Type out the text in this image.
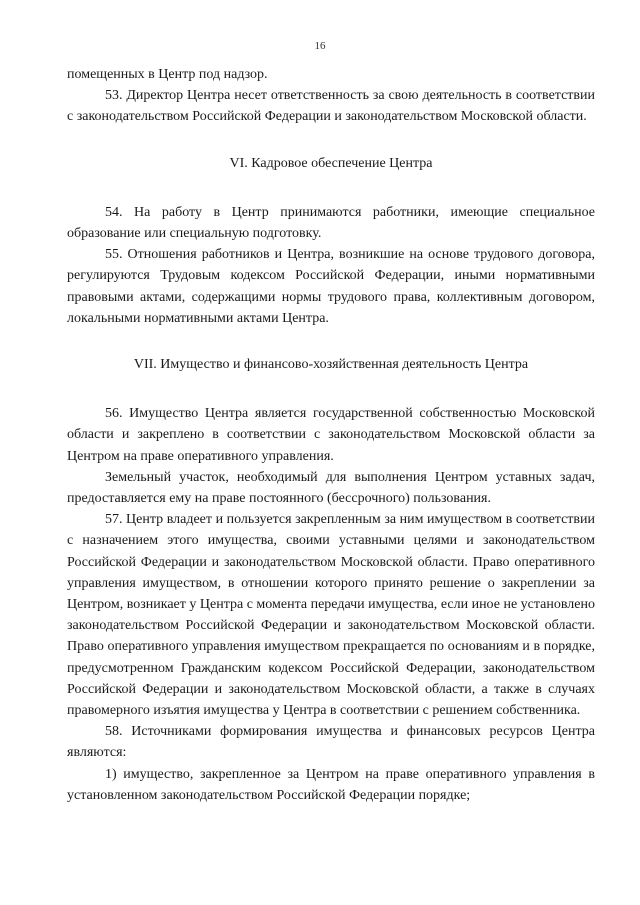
16

помещенных в Центр под надзор.

53. Директор Центра несет ответственность за свою деятельность в соответствии с законодательством Российской Федерации и законодательством Московской области.

VI. Кадровое обеспечение Центра

54. На работу в Центр принимаются работники, имеющие специальное образование или специальную подготовку.

55. Отношения работников и Центра, возникшие на основе трудового договора, регулируются Трудовым кодексом Российской Федерации, иными нормативными правовыми актами, содержащими нормы трудового права, коллективным договором, локальными нормативными актами Центра.

VII. Имущество и финансово-хозяйственная деятельность Центра

56. Имущество Центра является государственной собственностью Московской области и закреплено в соответствии с законодательством Московской области за Центром на праве оперативного управления.

Земельный участок, необходимый для выполнения Центром уставных задач, предоставляется ему на праве постоянного (бессрочного) пользования.

57. Центр владеет и пользуется закрепленным за ним имуществом в соответствии с назначением этого имущества, своими уставными целями и законодательством Российской Федерации и законодательством Московской области. Право оперативного управления имуществом, в отношении которого принято решение о закреплении за Центром, возникает у Центра с момента передачи имущества, если иное не установлено законодательством Российской Федерации и законодательством Московской области. Право оперативного управления имуществом прекращается по основаниям и в порядке, предусмотренном Гражданским кодексом Российской Федерации, законодательством Российской Федерации и законодательством Московской области, а также в случаях правомерного изъятия имущества у Центра в соответствии с решением собственника.

58. Источниками формирования имущества и финансовых ресурсов Центра являются:

1) имущество, закрепленное за Центром на праве оперативного управления в установленном законодательством Российской Федерации порядке;
